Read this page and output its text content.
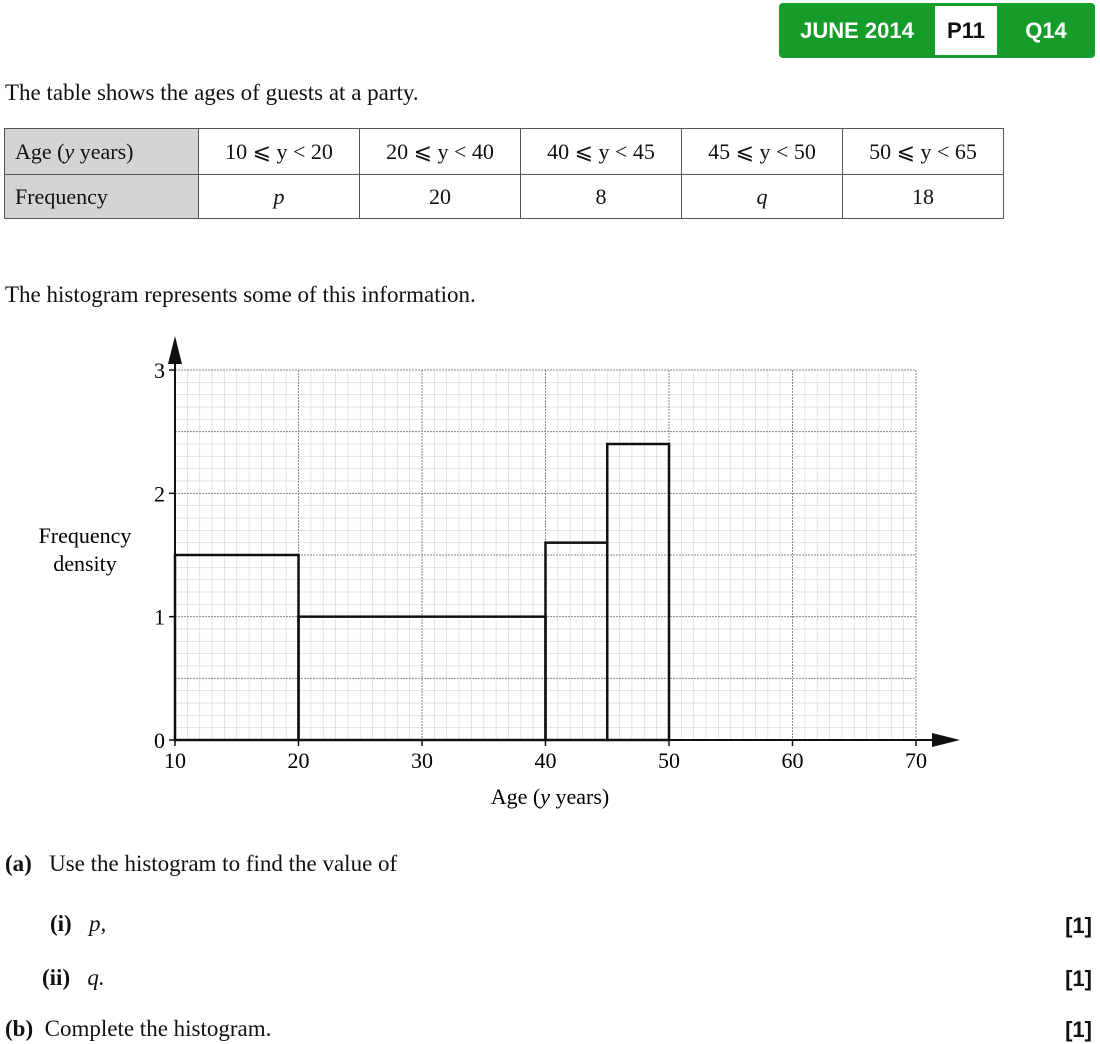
JUNE 2014	P11	Q14
The table shows the ages of guests at a party.
Age (y years)	10 ⩽ y < 20	20 ⩽ y < 40	40 ⩽ y < 45	45 ⩽ y < 50	50 ⩽ y < 65
Frequency	p	20	8	q	18
The histogram represents some of this information.
10	20	30	40	50	60	70
0
1
2
3
Frequency
density
Age (y years)
(a) Use the histogram to find the value of
(i) p,
(ii) q.
(b) Complete the histogram.
[1]
[1]
[1]
